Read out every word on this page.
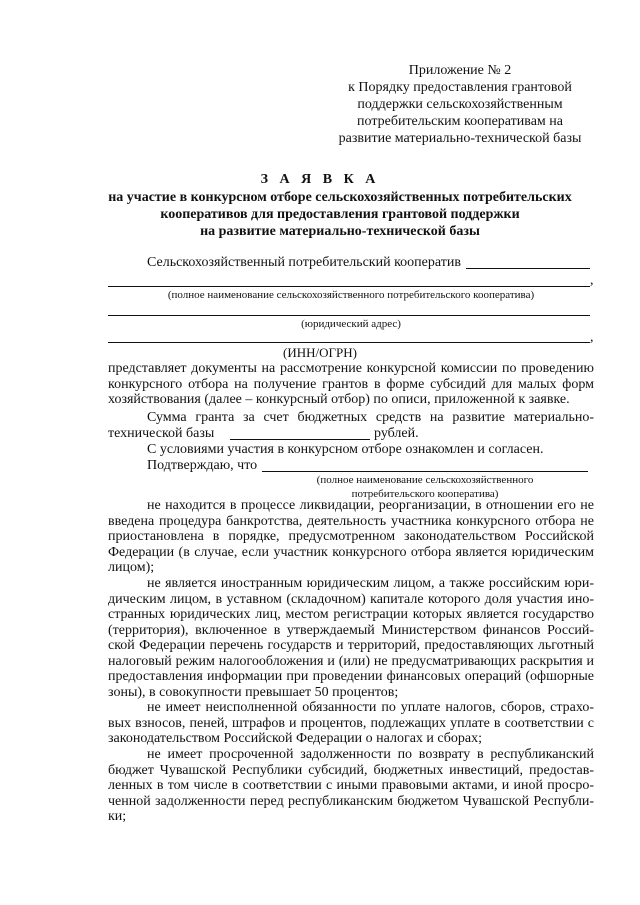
Приложение № 2
к Порядку предоставления грантовой
поддержки сельскохозяйственным
потребительским кооперативам на
развитие материально-технической базы
З А Я В К А
на участие в конкурсном отборе сельскохозяйственных потребительских
кооперативов для предоставления грантовой поддержки
на развитие материально-технической базы
Сельскохозяйственный потребительский кооператив
,
(полное наименование сельскохозяйственного потребительского кооператива)
(юридический адрес)
,
(ИНН/ОГРН)
представляет документы на рассмотрение конкурсной комиссии по проведению
конкурсного отбора на получение грантов в форме субсидий для малых форм
хозяйствования (далее – конкурсный отбор) по описи, приложенной к заявке.
Сумма гранта за счет бюджетных средств на развитие материально-
технической базы	рублей.
С условиями участия в конкурсном отборе ознакомлен и согласен.
Подтверждаю, что
(полное наименование сельскохозяйственного
потребительского кооператива)
не находится в процессе ликвидации, реорганизации, в отношении его не
введена процедура банкротства, деятельность участника конкурсного отбора не
приостановлена в порядке, предусмотренном законодательством Российской
Федерации (в случае, если участник конкурсного отбора является юридическим
лицом);
не является иностранным юридическим лицом, а также российским юри-
дическим лицом, в уставном (складочном) капитале которого доля участия ино-
странных юридических лиц, местом регистрации которых является государство
(территория), включенное в утверждаемый Министерством финансов Россий-
ской Федерации перечень государств и территорий, предоставляющих льготный
налоговый режим налогообложения и (или) не предусматривающих раскрытия и
предоставления информации при проведении финансовых операций (офшорные
зоны), в совокупности превышает 50 процентов;
не имеет неисполненной обязанности по уплате налогов, сборов, страхо-
вых взносов, пеней, штрафов и процентов, подлежащих уплате в соответствии с
законодательством Российской Федерации о налогах и сборах;
не имеет просроченной задолженности по возврату в республиканский
бюджет Чувашской Республики субсидий, бюджетных инвестиций, предостав-
ленных в том числе в соответствии с иными правовыми актами, и иной просро-
ченной задолженности перед республиканским бюджетом Чувашской Республи-
ки;
